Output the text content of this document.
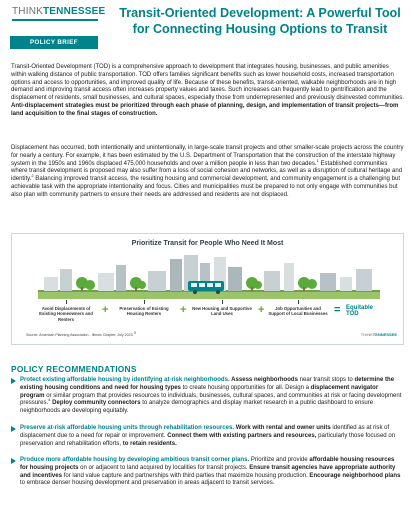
THINKTENNESSEE
POLICY BRIEF
Transit-Oriented Development: A Powerful Tool
for Connecting Housing Options to Transit
Transit-Oriented Development (TOD) is a comprehensive approach to development that integrates housing, businesses, and public amenities within walking distance of public transportation. TOD offers families significant benefits such as lower household costs, increased transportation options and access to opportunities, and improved quality of life. Because of these benefits, transit-oriented, walkable neighborhoods are in high demand and improving transit access often increases property values and taxes. Such increases can frequently lead to gentrification and the displacement of residents, small businesses, and cultural spaces, especially those from underrepresented and previously disinvested communities. Anti-displacement strategies must be prioritized through each phase of planning, design, and implementation of transit projects—from land acquisition to the final stages of construction.
Displacement has occurred, both intentionally and unintentionally, in large-scale transit projects and other smaller-scale projects across the country for nearly a century. For example, it has been estimated by the U.S. Department of Transportation that the construction of the interstate highway system in the 1950s and 1960s displaced 475,000 households and over a million people in less than two decades.$^1$ Established communities where transit development is proposed may also suffer from a loss of social cohesion and networks, as well as a disruption of cultural heritage and identity.$^2$ Balancing improved transit access, the resulting housing and commercial development, and community engagement is a challenging but achievable task with the appropriate intentionality and focus. Cities and municipalities must be prepared to not only engage with communities but also plan with community partners to ensure their needs are addressed and residents are not displaced.
Prioritize Transit for People Who Need It Most
Avoid Displacements of Existing Homeowners and Renters
+	Preservation of Existing Housing Renters	+ New Housing and Supportive Land Uses	+	Job Opportunities and Support of Local Businesses = Equitable TOD
Source: American Planning Association - Illinois Chapter, July 2023.$^3$	THINKTENNESSEE
POLICY RECOMMENDATIONS
Protect existing affordable housing by identifying at-risk neighborhoods. Assess neighborhoods near transit stops to determine the existing housing conditions and need for housing types to create housing opportunities for all. Design a displacement navigator program or similar program that provides resources to individuals, businesses, cultural spaces, and communities at risk or facing development pressures.$^4$ Deploy community connectors to analyze demographics and display market research in a public dashboard to ensure neighborhoods are developing equitably.
Preserve at-risk affordable housing units through rehabilitation resources. Work with rental and owner units identified as at risk of displacement due to a need for repair or improvement. Connect them with existing partners and resources, particularly those focused on preservation and rehabilitation efforts, to retain residents.
Produce more affordable housing by developing ambitious transit corner plans. Prioritize and provide affordable housing resources for housing projects on or adjacent to land acquired by localities for transit projects. Ensure transit agencies have appropriate authority and incentives for land value capture and partnerships with third parties that maximize housing production. Encourage neighborhood plans to embrace denser housing development and preservation in areas adjacent to transit services.
